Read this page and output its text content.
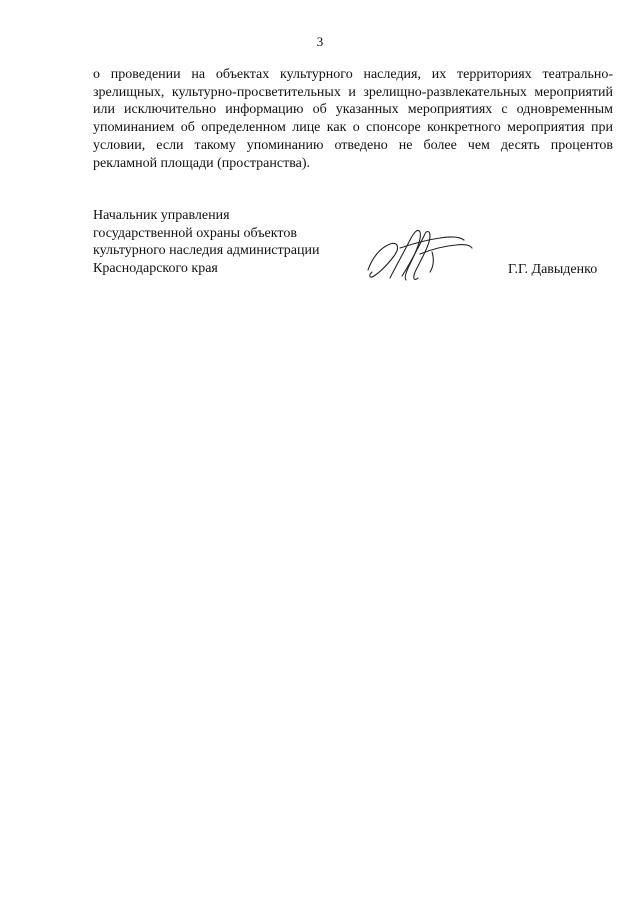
3

о проведении на объектах культурного наследия, их территориях театрально-зрелищных, культурно-просветительных и зрелищно-развлекательных мероприятий или исключительно информацию об указанных мероприятиях с одновременным упоминанием об определенном лице как о спонсоре конкретного мероприятия при условии, если такому упоминанию отведено не более чем десять процентов рекламной площади (пространства).

Начальник управления
государственной охраны объектов
культурного наследия администрации
Краснодарского края	Г.Г. Давыденко
